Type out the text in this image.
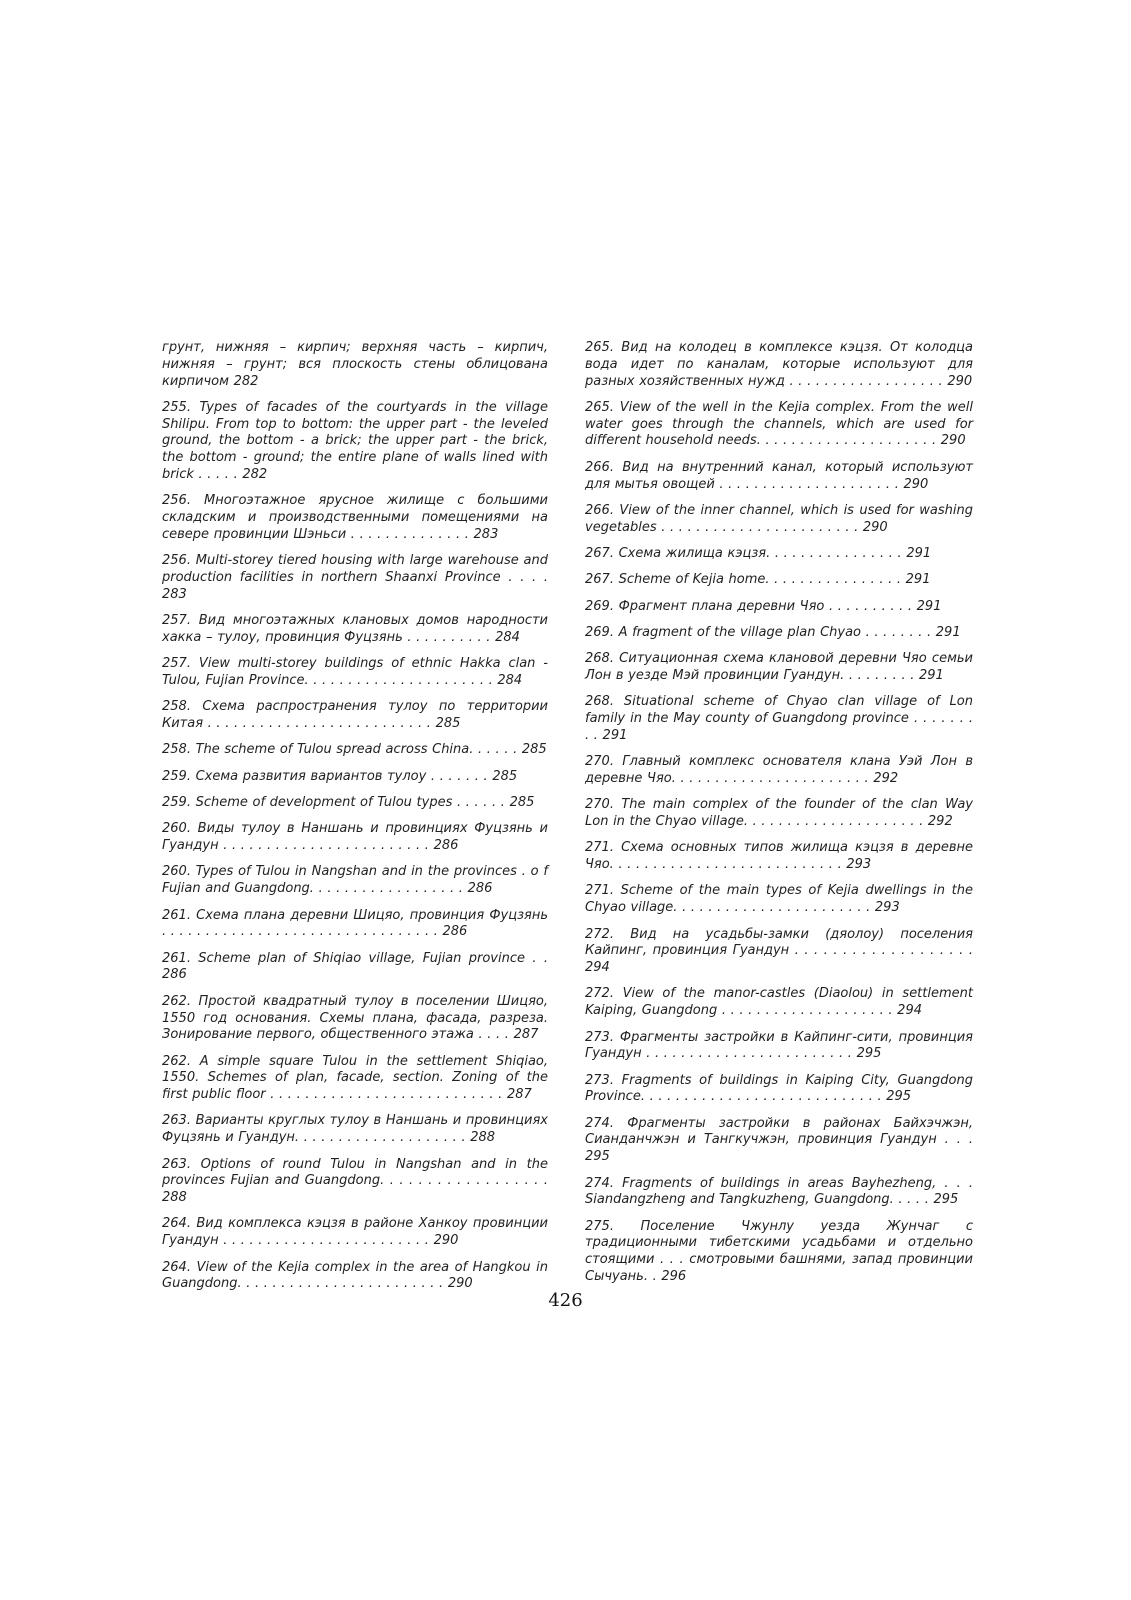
грунт, нижняя – кирпич; верхняя часть – кирпич, нижняя – грунт; вся плоскость стены облицована кирпичом 282

255. Types of facades of the courtyards in the village Shilipu. From top to bottom: the upper part - the leveled ground, the bottom - a brick; the upper part - the brick, the bottom - ground; the entire plane of walls lined with brick . . . . . 282

256. Многоэтажное ярусное жилище с большими складским и производственными помещениями на севере провинции Шэньси . . . . . . . . . . . . . . 283

256. Multi-storey tiered housing with large warehouse and production facilities in northern Shaanxi Province . . . . 283

257. Вид многоэтажных клановых домов народности хакка – тулоу, провинция Фуцзянь . . . . . . . . . . 284

257. View multi-storey buildings of ethnic Hakka clan - Tulou, Fujian Province. . . . . . . . . . . . . . . . . . . . . . 284

258. Схема распространения тулоу по территории Китая . . . . . . . . . . . . . . . . . . . . . . . . . . 285

258. The scheme of Tulou spread across China. . . . . . 285

259. Схема развития вариантов тулоу . . . . . . . 285

259. Scheme of development of Tulou types . . . . . . 285

260. Виды тулоу в Наншань и провинциях Фуцзянь и Гуандун . . . . . . . . . . . . . . . . . . . . . . . . 286

260. Types of Tulou in Nangshan and in the provinces . o f Fujian and Guangdong. . . . . . . . . . . . . . . . . . 286

261. Схема плана деревни Шицяо, провинция Фуцзянь . . . . . . . . . . . . . . . . . . . . . . . . . . . . . . . . 286

261. Scheme plan of Shiqiao village, Fujian province . . 286

262. Простой квадратный тулоу в поселении Шицяо, 1550 год основания. Схемы плана, фасада, разреза. Зонирование первого, общественного этажа . . . . 287

262. A simple square Tulou in the settlement Shiqiao, 1550. Schemes of plan, facade, section. Zoning of the first public floor . . . . . . . . . . . . . . . . . . . . . . . . . . . 287

263. Варианты круглых тулоу в Наншань и провинциях Фуцзянь и Гуандун. . . . . . . . . . . . . . . . . . . . 288

263. Options of round Tulou in Nangshan and in the provinces Fujian and Guangdong. . . . . . . . . . . . . . . . . . 288

264. Вид комплекса кэцзя в районе Ханкоу провинции Гуандун . . . . . . . . . . . . . . . . . . . . . . . . 290

264. View of the Kejia complex in the area of Hangkou in Guangdong. . . . . . . . . . . . . . . . . . . . . . . . 290

265. Вид на колодец в комплексе кэцзя. От колодца вода идет по каналам, которые используют для разных хозяйственных нужд . . . . . . . . . . . . . . . . . . 290

265. View of the well in the Kejia complex. From the well water goes through the channels, which are used for different household needs. . . . . . . . . . . . . . . . . . . . . 290

266. Вид на внутренний канал, который используют для мытья овощей . . . . . . . . . . . . . . . . . . . . . 290

266. View of the inner channel, which is used for washing vegetables . . . . . . . . . . . . . . . . . . . . . . . 290

267. Схема жилища кэцзя. . . . . . . . . . . . . . . . 291

267. Scheme of Kejia home. . . . . . . . . . . . . . . . 291

269. Фрагмент плана деревни Чяо . . . . . . . . . . 291

269. A fragment of the village plan Chyao . . . . . . . . 291

268. Ситуационная схема клановой деревни Чяо семьи Лон в уезде Мэй провинции Гуандун. . . . . . . . . 291

268. Situational scheme of Chyao clan village of Lon family in the May county of Guangdong province . . . . . . . . . 291

270. Главный комплекс основателя клана Уэй Лон в деревне Чяо. . . . . . . . . . . . . . . . . . . . . . . 292

270. The main complex of the founder of the clan Way Lon in the Chyao village. . . . . . . . . . . . . . . . . . . . . 292

271. Схема основных типов жилища кэцзя в деревне Чяо. . . . . . . . . . . . . . . . . . . . . . . . . . . 293

271. Scheme of the main types of Kejia dwellings in the Chyao village. . . . . . . . . . . . . . . . . . . . . . . 293

272. Вид на усадьбы-замки (дяолоу) поселения Кайпинг, провинция Гуандун . . . . . . . . . . . . . . . . . . . 294

272. View of the manor-castles (Diaolou) in settlement Kaiping, Guangdong . . . . . . . . . . . . . . . . . . . . 294

273. Фрагменты застройки в Кайпинг-сити, провинция Гуандун . . . . . . . . . . . . . . . . . . . . . . . . 295

273. Fragments of buildings in Kaiping City, Guangdong Province. . . . . . . . . . . . . . . . . . . . . . . . . . . . 295

274. Фрагменты застройки в районах Байхэчжэн, Сианданчжэн и Тангкучжэн, провинция Гуандун . . . 295

274. Fragments of buildings in areas Bayhezheng, . . . Siandangzheng and Tangkuzheng, Guangdong. . . . . 295

275. Поселение Чжунлу уезда Жунчаг с традиционными тибетскими усадьбами и отдельно стоящими . . . смотровыми башнями, запад провинции Сычуань. . 296

426
